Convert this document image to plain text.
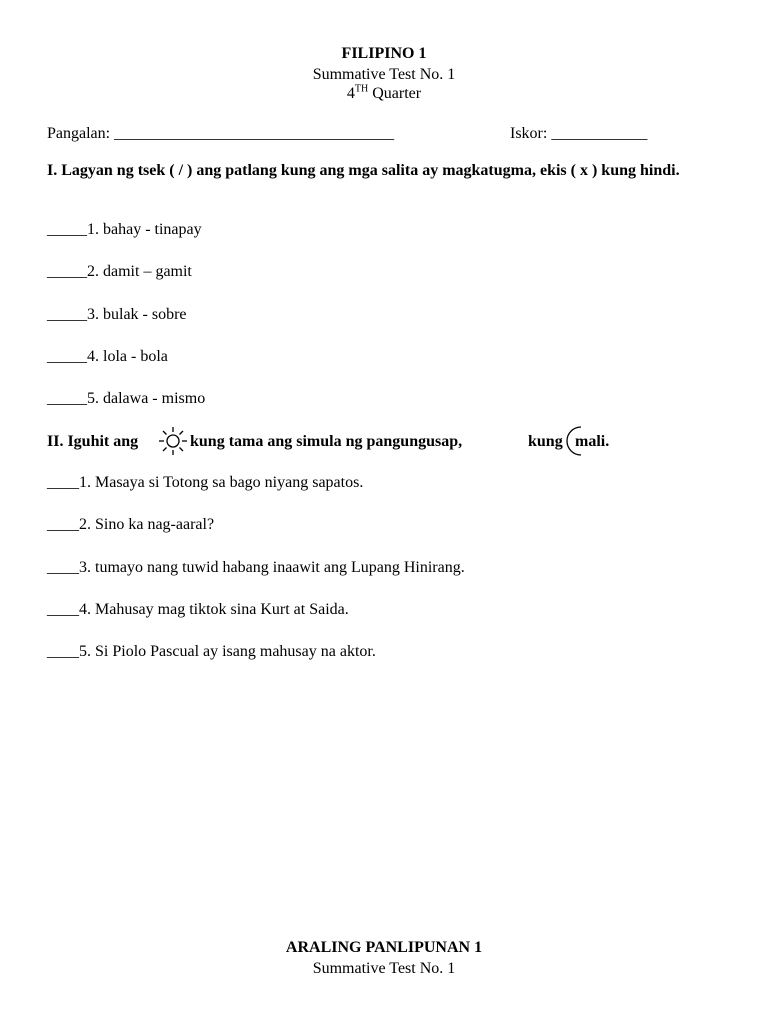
FILIPINO 1
Summative Test No. 1
4TH Quarter
Pangalan: ___________________________________	Iskor: ____________
I. Lagyan ng tsek ( / ) ang patlang kung ang mga salita ay magkatugma, ekis ( x ) kung hindi.
_____1. bahay - tinapay
_____2. damit – gamit
_____3. bulak - sobre
_____4. lola - bola
_____5. dalawa - mismo
II. Iguhit ang	kung tama ang simula ng pangungusap,	kung mali.
____1. Masaya si Totong sa bago niyang sapatos.
____2. Sino ka nag-aaral?
____3. tumayo nang tuwid habang inaawit ang Lupang Hinirang.
____4. Mahusay mag tiktok sina Kurt at Saida.
____5. Si Piolo Pascual ay isang mahusay na aktor.
ARALING PANLIPUNAN 1
Summative Test No. 1
